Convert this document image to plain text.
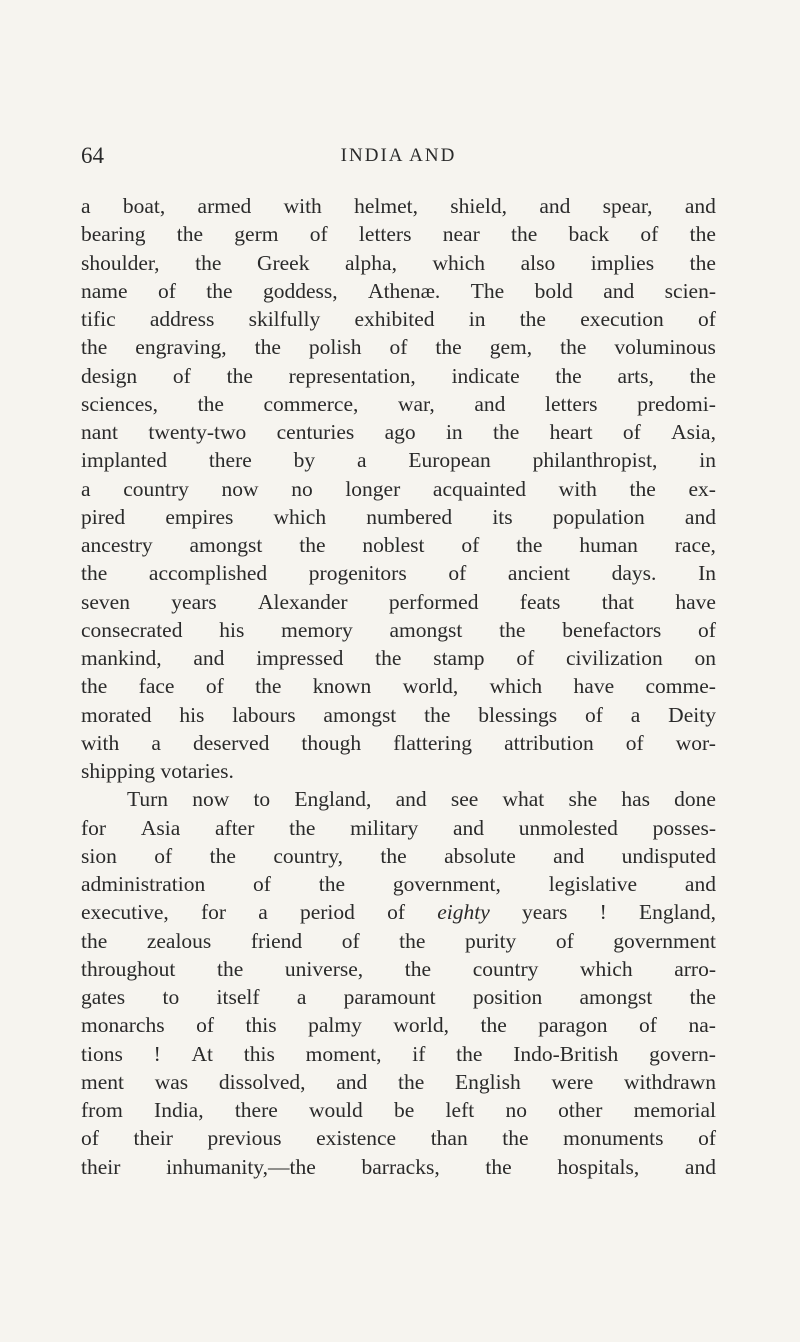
64	INDIA AND
a boat, armed with helmet, shield, and spear, and
bearing the germ of letters near the back of the
shoulder, the Greek alpha, which also implies the
name of the goddess, Athenæ. The bold and scien-
tific address skilfully exhibited in the execution of
the engraving, the polish of the gem, the voluminous
design of the representation, indicate the arts, the
sciences, the commerce, war, and letters predomi-
nant twenty-two centuries ago in the heart of Asia,
implanted there by a European philanthropist, in
a country now no longer acquainted with the ex-
pired empires which numbered its population and
ancestry amongst the noblest of the human race,
the accomplished progenitors of ancient days. In
seven years Alexander performed feats that have
consecrated his memory amongst the benefactors of
mankind, and impressed the stamp of civilization on
the face of the known world, which have comme-
morated his labours amongst the blessings of a Deity
with a deserved though flattering attribution of wor-
shipping
votaries.
Turn now to England, and see what she has done
for Asia after the military and unmolested posses-
sion of the country, the absolute and undisputed
administration of the government, legislative and
executive, for a period of eighty years ! England,
the zealous friend of the purity of government
throughout the universe, the country which arro-
gates to itself a paramount position amongst the
monarchs of this palmy world, the paragon of na-
tions ! At this moment, if the Indo-British govern-
ment was dissolved, and the English were withdrawn
from India, there would be left no other memorial
of their previous existence than the monuments of
their inhumanity,—the barracks, the hospitals, and
